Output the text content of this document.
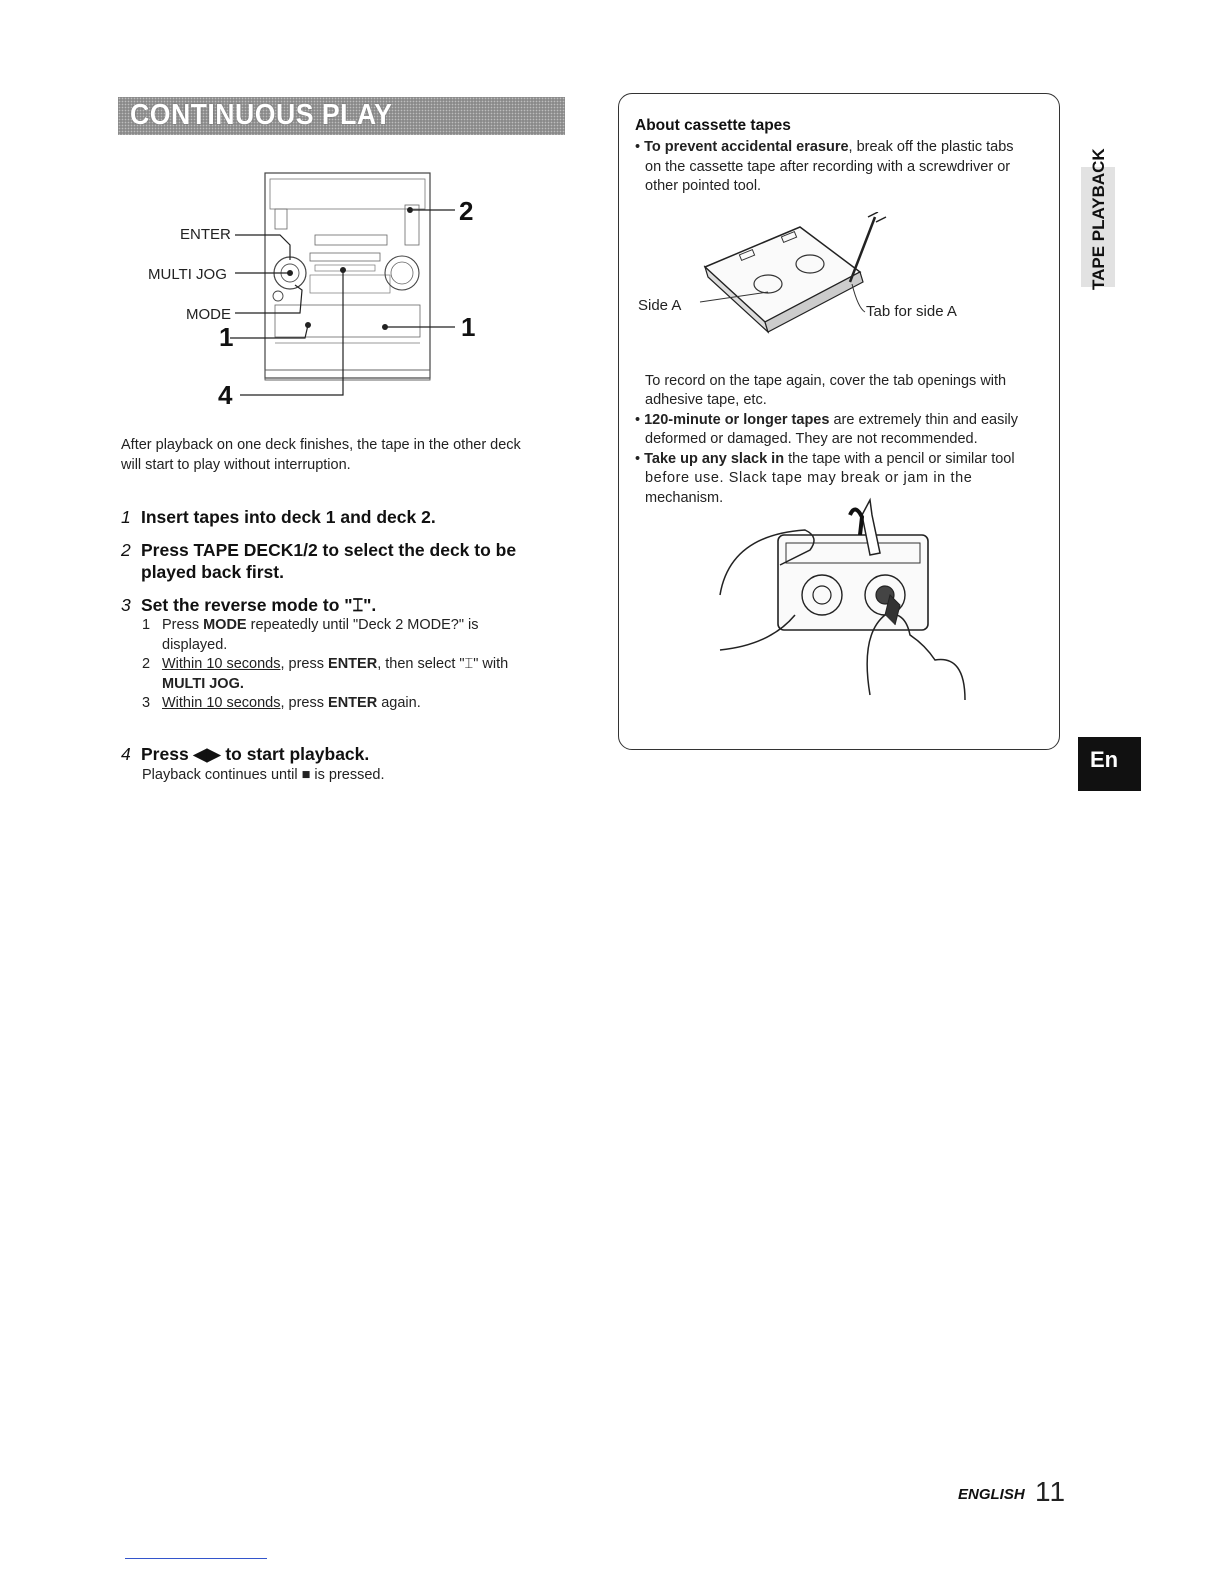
CONTINUOUS PLAY
ENTER
MULTI JOG
MODE
1
2
1
4
After playback on one deck finishes, the tape in the other deck
will start to play without interruption.
1 Insert tapes into deck 1 and deck 2.
2 Press TAPE DECK1/2 to select the deck to be
played back first.
3 Set the reverse mode to "⌶".
1 Press MODE repeatedly until "Deck 2 MODE?" is
displayed.
2 Within 10 seconds, press ENTER, then select "⌶" with
MULTI JOG.
3 Within 10 seconds, press ENTER again.
4 Press ◀▶ to start playback.
Playback continues until ■ is pressed.
About cassette tapes
• To prevent accidental erasure, break off the plastic tabs
on the cassette tape after recording with a screwdriver or
other pointed tool.
Side A	Tab for side A
To record on the tape again, cover the tab openings with
adhesive tape, etc.
• 120-minute or longer tapes are extremely thin and easily
deformed or damaged. They are not recommended.
• Take up any slack in the tape with a pencil or similar tool
before use. Slack tape may break or jam in the
mechanism.
TAPE PLAYBACK
En
ENGLISH 11
